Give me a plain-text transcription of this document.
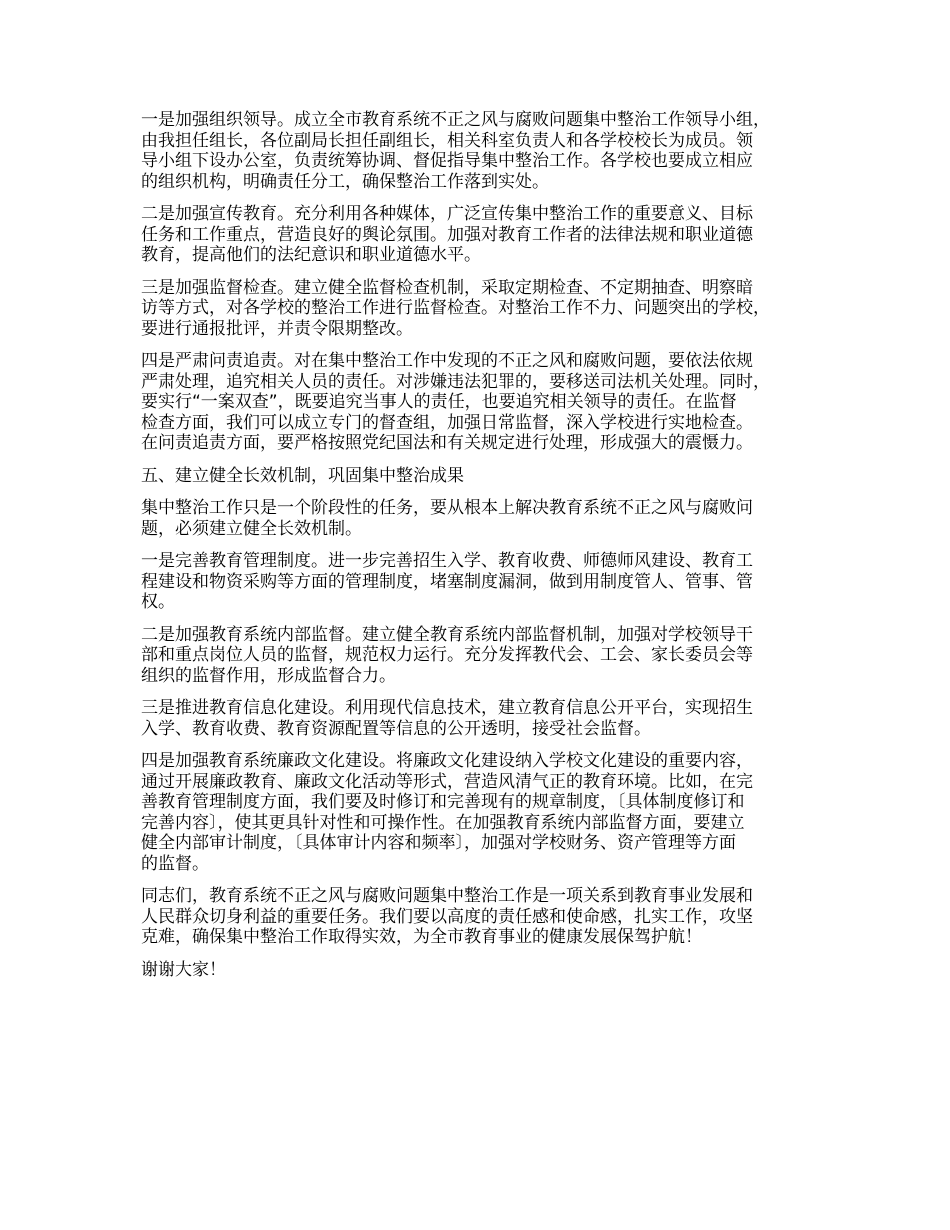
一是加强组织领导。成立全市教育系统不正之风与腐败问题集中整治工作领导小组，
由我担任组长，各位副局长担任副组长，相关科室负责人和各学校校长为成员。领
导小组下设办公室，负责统筹协调、督促指导集中整治工作。各学校也要成立相应
的组织机构，明确责任分工，确保整治工作落到实处。

二是加强宣传教育。充分利用各种媒体，广泛宣传集中整治工作的重要意义、目标
任务和工作重点，营造良好的舆论氛围。加强对教育工作者的法律法规和职业道德
教育，提高他们的法纪意识和职业道德水平。

三是加强监督检查。建立健全监督检查机制，采取定期检查、不定期抽查、明察暗
访等方式，对各学校的整治工作进行监督检查。对整治工作不力、问题突出的学校，
要进行通报批评，并责令限期整改。

四是严肃问责追责。对在集中整治工作中发现的不正之风和腐败问题，要依法依规
严肃处理，追究相关人员的责任。对涉嫌违法犯罪的，要移送司法机关处理。同时，
要实行“一案双查”，既要追究当事人的责任，也要追究相关领导的责任。在监督
检查方面，我们可以成立专门的督查组，加强日常监督，深入学校进行实地检查。
在问责追责方面，要严格按照党纪国法和有关规定进行处理，形成强大的震慑力。

五、建立健全长效机制，巩固集中整治成果

集中整治工作只是一个阶段性的任务，要从根本上解决教育系统不正之风与腐败问
题，必须建立健全长效机制。

一是完善教育管理制度。进一步完善招生入学、教育收费、师德师风建设、教育工
程建设和物资采购等方面的管理制度，堵塞制度漏洞，做到用制度管人、管事、管
权。

二是加强教育系统内部监督。建立健全教育系统内部监督机制，加强对学校领导干
部和重点岗位人员的监督，规范权力运行。充分发挥教代会、工会、家长委员会等
组织的监督作用，形成监督合力。

三是推进教育信息化建设。利用现代信息技术，建立教育信息公开平台，实现招生
入学、教育收费、教育资源配置等信息的公开透明，接受社会监督。

四是加强教育系统廉政文化建设。将廉政文化建设纳入学校文化建设的重要内容，
通过开展廉政教育、廉政文化活动等形式，营造风清气正的教育环境。比如，在完
善教育管理制度方面，我们要及时修订和完善现有的规章制度，〔具体制度修订和
完善内容〕，使其更具针对性和可操作性。在加强教育系统内部监督方面，要建立
健全内部审计制度，〔具体审计内容和频率〕，加强对学校财务、资产管理等方面
的监督。

同志们，教育系统不正之风与腐败问题集中整治工作是一项关系到教育事业发展和
人民群众切身利益的重要任务。我们要以高度的责任感和使命感，扎实工作，攻坚
克难，确保集中整治工作取得实效，为全市教育事业的健康发展保驾护航！

谢谢大家！
